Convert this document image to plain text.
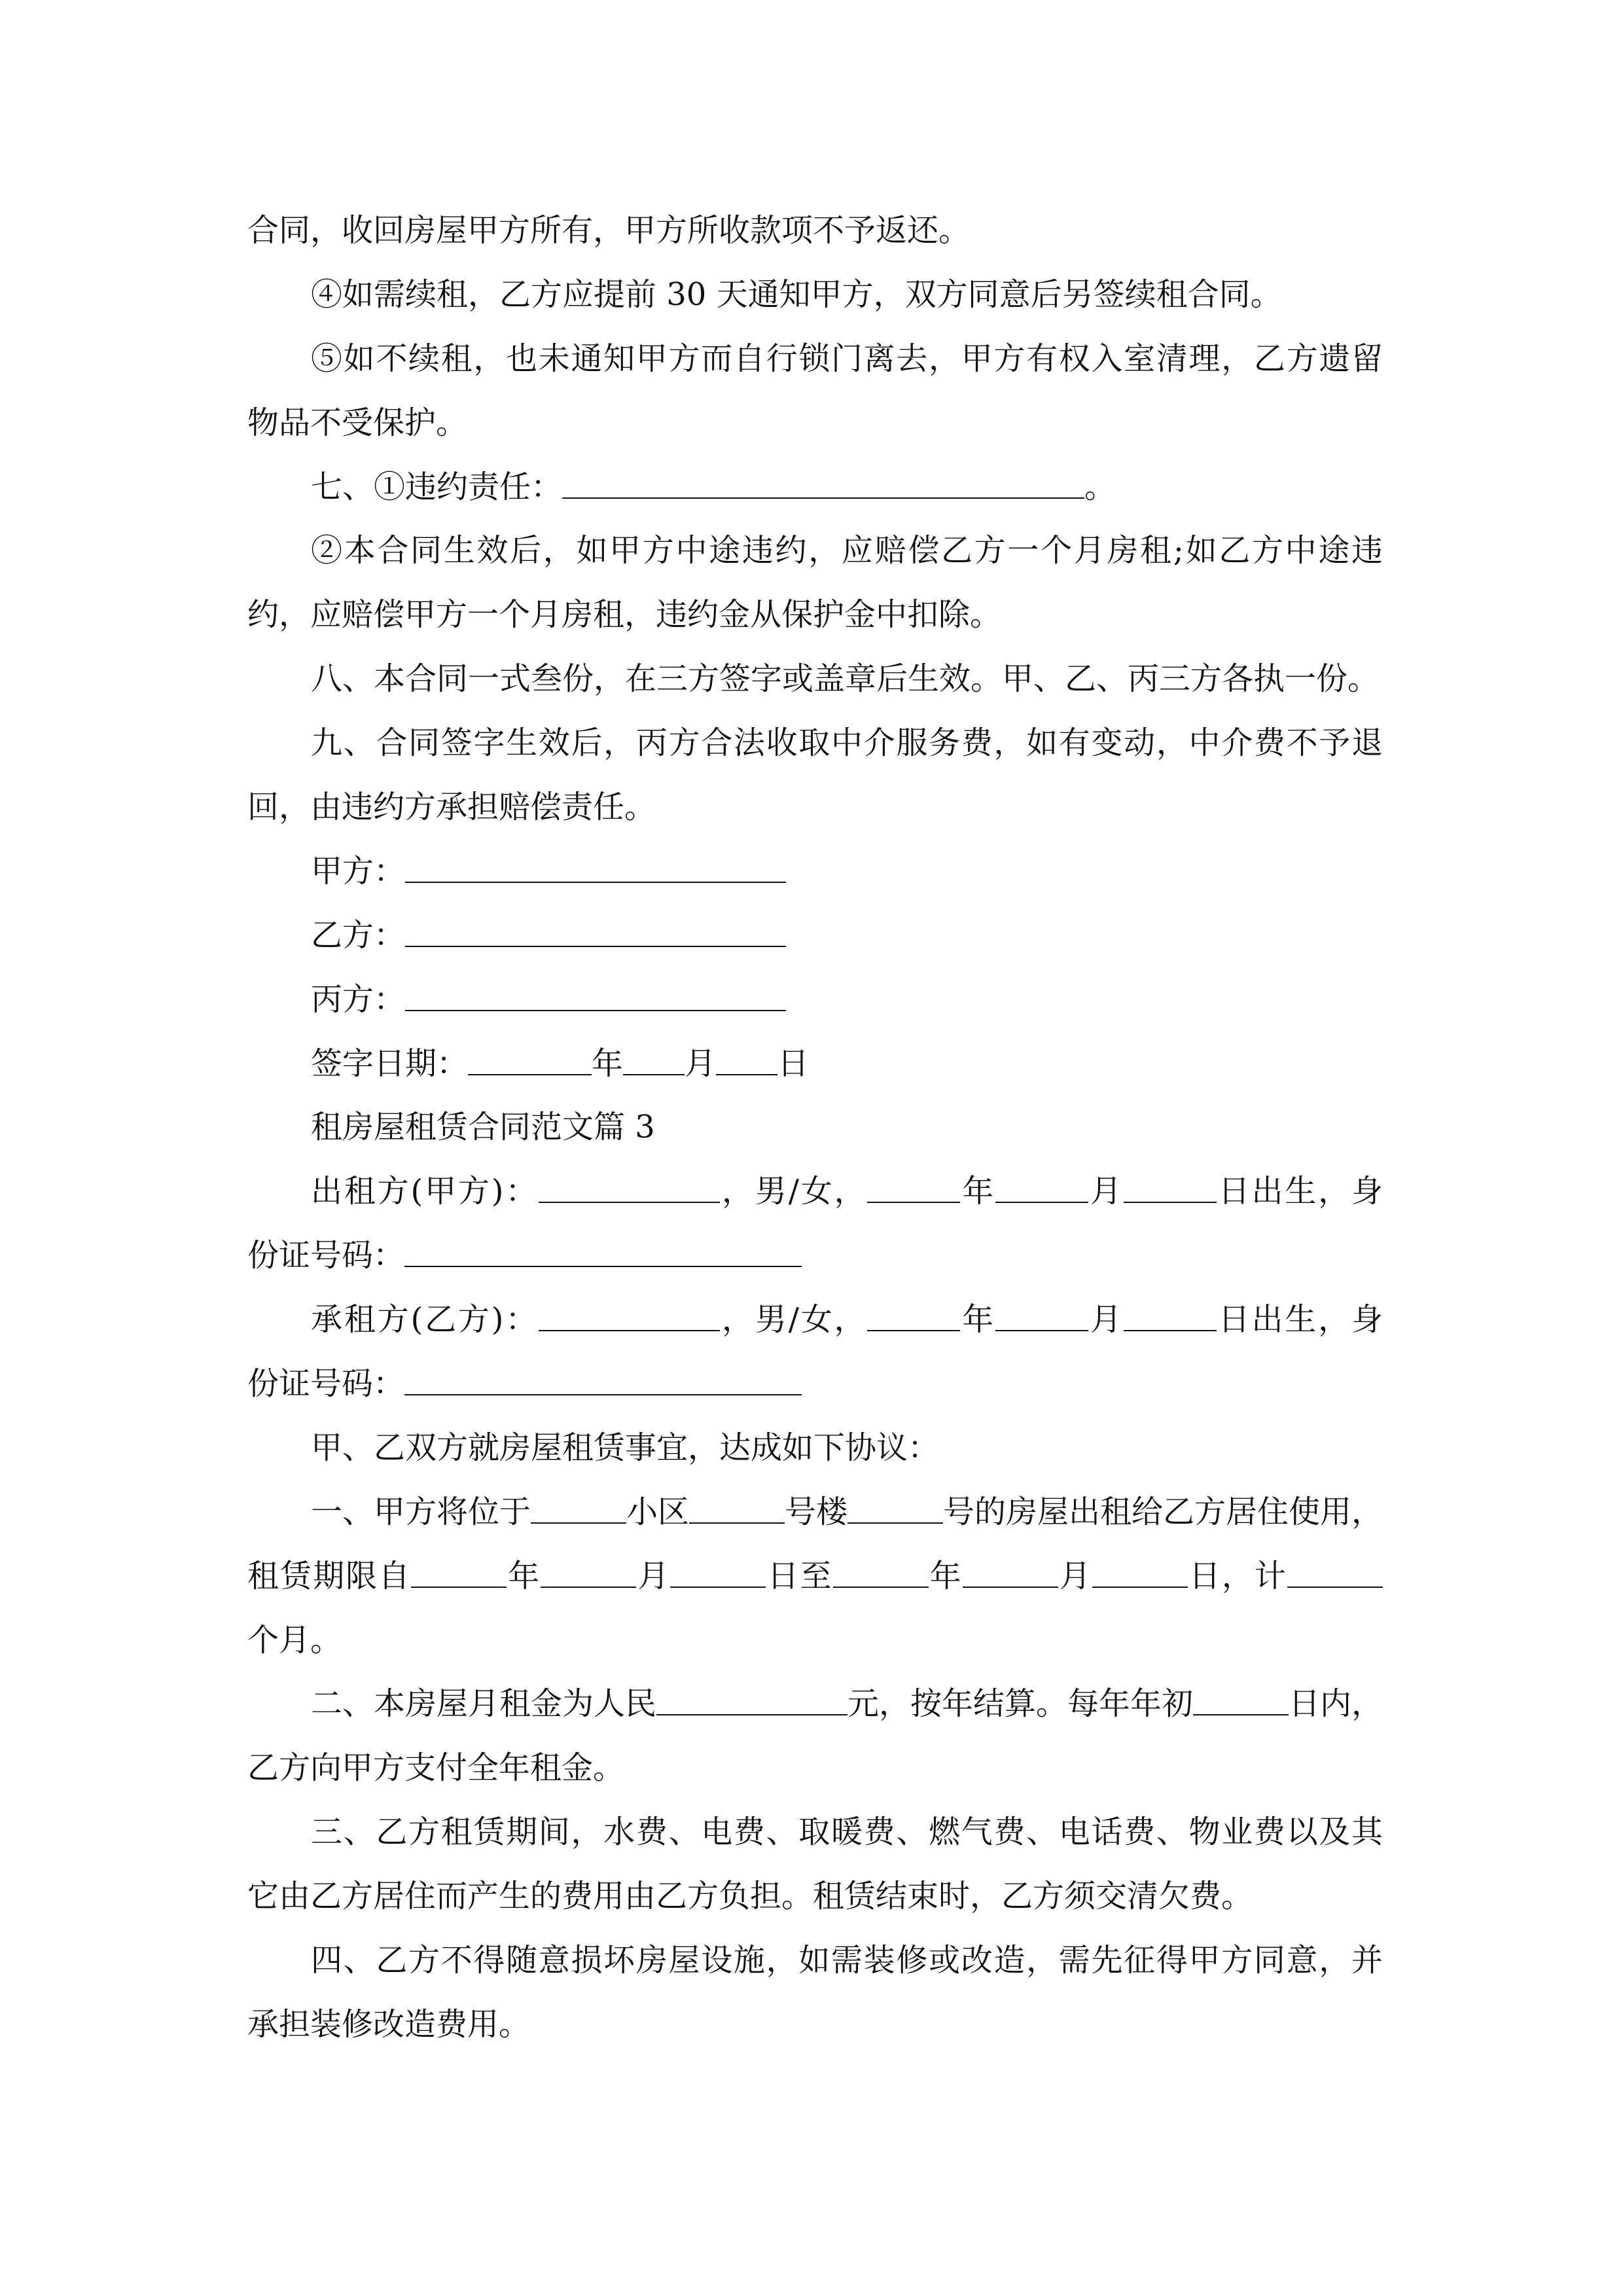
合同，收回房屋甲方所有，甲方所收款项不予返还。
④如需续租，乙方应提前 30 天通知甲方，双方同意后另签续租合同。
⑤如不续租，也未通知甲方而自行锁门离去，甲方有权入室清理，乙方遗留
物品不受保护。
七、①违约责任：	。
②本合同生效后，如甲方中途违约，应赔偿乙方一个月房租;如乙方中途违
约，应赔偿甲方一个月房租，违约金从保护金中扣除。
八、本合同一式叁份，在三方签字或盖章后生效。甲、乙、丙三方各执一份。
九、合同签字生效后，丙方合法收取中介服务费，如有变动，中介费不予退
回，由违约方承担赔偿责任。
甲方：
乙方：
丙方：
签字日期：	年 月 日
租房屋租赁合同范文篇 3
出租方(甲方)：	，男/女，	年	月	日出生，身
份证号码：
承租方(乙方)：	，男/女，	年	月	日出生，身
份证号码：
甲、乙双方就房屋租赁事宜，达成如下协议：
一、甲方将位于	小区	号楼	号的房屋出租给乙方居住使用，
租赁期限自	年	月	日至	年	月	日，计
个月。
二、本房屋月租金为人民	元，按年结算。每年年初	日内，
乙方向甲方支付全年租金。
三、乙方租赁期间，水费、电费、取暖费、燃气费、电话费、物业费以及其
它由乙方居住而产生的费用由乙方负担。租赁结束时，乙方须交清欠费。
四、乙方不得随意损坏房屋设施，如需装修或改造，需先征得甲方同意，并
承担装修改造费用。
